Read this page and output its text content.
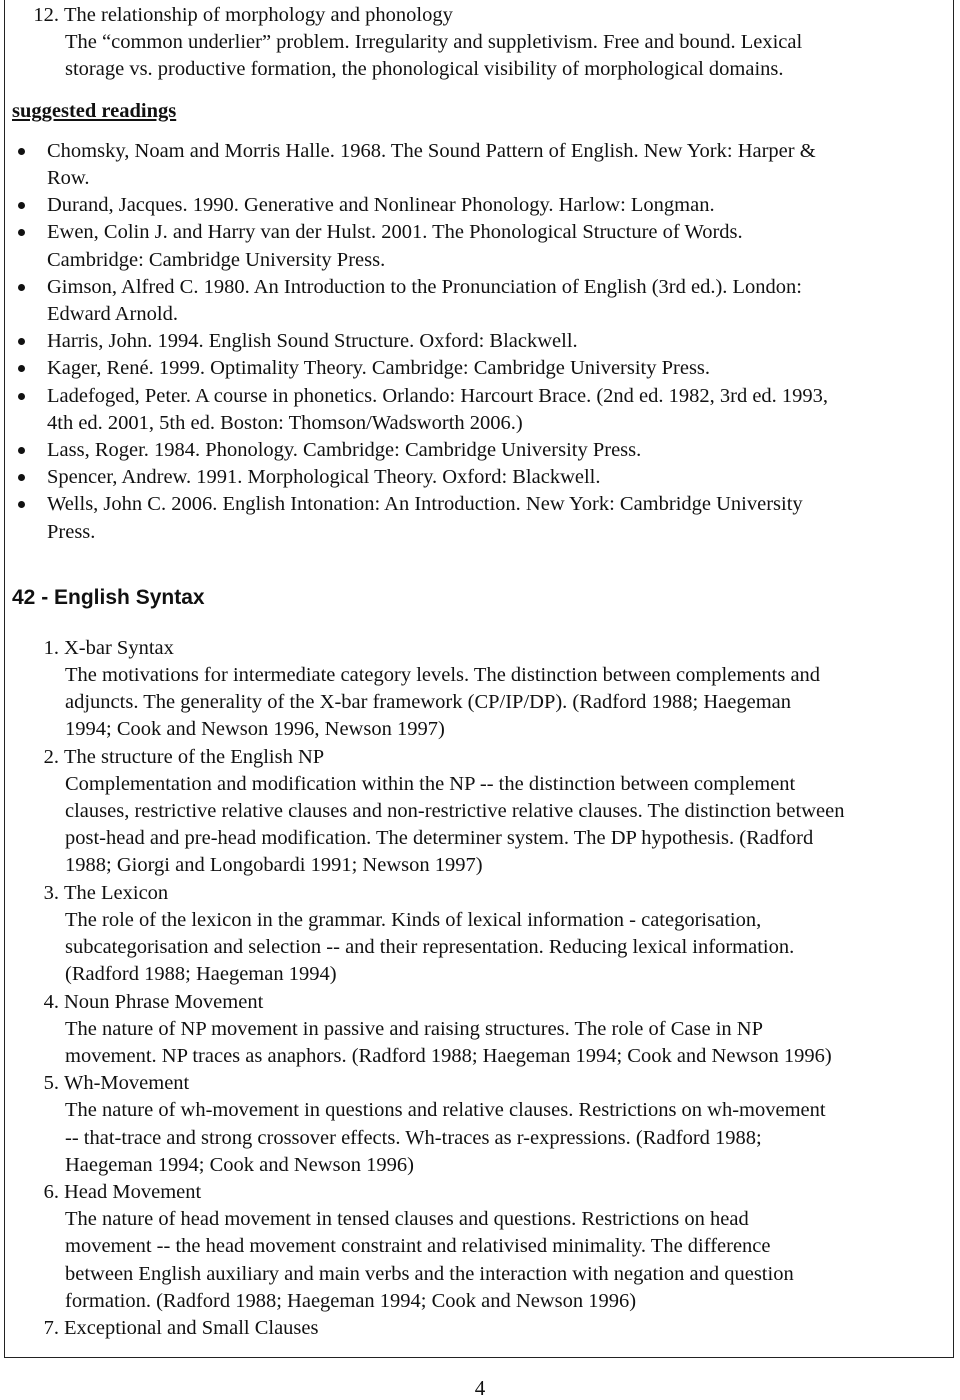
12. The relationship of morphology and phonology
The “common underlier” problem. Irregularity and suppletivism. Free and bound. Lexical
storage vs. productive formation, the phonological visibility of morphological domains.
suggested readings
Chomsky, Noam and Morris Halle. 1968. The Sound Pattern of English. New York: Harper &
Row.
Durand, Jacques. 1990. Generative and Nonlinear Phonology. Harlow: Longman.
Ewen, Colin J. and Harry van der Hulst. 2001. The Phonological Structure of Words.
Cambridge: Cambridge University Press.
Gimson, Alfred C. 1980. An Introduction to the Pronunciation of English (3rd ed.). London:
Edward Arnold.
Harris, John. 1994. English Sound Structure. Oxford: Blackwell.
Kager, René. 1999. Optimality Theory. Cambridge: Cambridge University Press.
Ladefoged, Peter. A course in phonetics. Orlando: Harcourt Brace. (2nd ed. 1982, 3rd ed. 1993,
4th ed. 2001, 5th ed. Boston: Thomson/Wadsworth 2006.)
Lass, Roger. 1984. Phonology. Cambridge: Cambridge University Press.
Spencer, Andrew. 1991. Morphological Theory. Oxford: Blackwell.
Wells, John C. 2006. English Intonation: An Introduction. New York: Cambridge University
Press.
42 - English Syntax
1. X-bar Syntax
The motivations for intermediate category levels. The distinction between complements and
adjuncts. The generality of the X-bar framework (CP/IP/DP). (Radford 1988; Haegeman
1994; Cook and Newson 1996, Newson 1997)
2. The structure of the English NP
Complementation and modification within the NP -- the distinction between complement
clauses, restrictive relative clauses and non-restrictive relative clauses. The distinction between
post-head and pre-head modification. The determiner system. The DP hypothesis. (Radford
1988; Giorgi and Longobardi 1991; Newson 1997)
3. The Lexicon
The role of the lexicon in the grammar. Kinds of lexical information - categorisation,
subcategorisation and selection -- and their representation. Reducing lexical information.
(Radford 1988; Haegeman 1994)
4. Noun Phrase Movement
The nature of NP movement in passive and raising structures. The role of Case in NP
movement. NP traces as anaphors. (Radford 1988; Haegeman 1994; Cook and Newson 1996)
5. Wh-Movement
The nature of wh-movement in questions and relative clauses. Restrictions on wh-movement
-- that-trace and strong crossover effects. Wh-traces as r-expressions. (Radford 1988;
Haegeman 1994; Cook and Newson 1996)
6. Head Movement
The nature of head movement in tensed clauses and questions. Restrictions on head
movement -- the head movement constraint and relativised minimality. The difference
between English auxiliary and main verbs and the interaction with negation and question
formation. (Radford 1988; Haegeman 1994; Cook and Newson 1996)
7. Exceptional and Small Clauses
4
